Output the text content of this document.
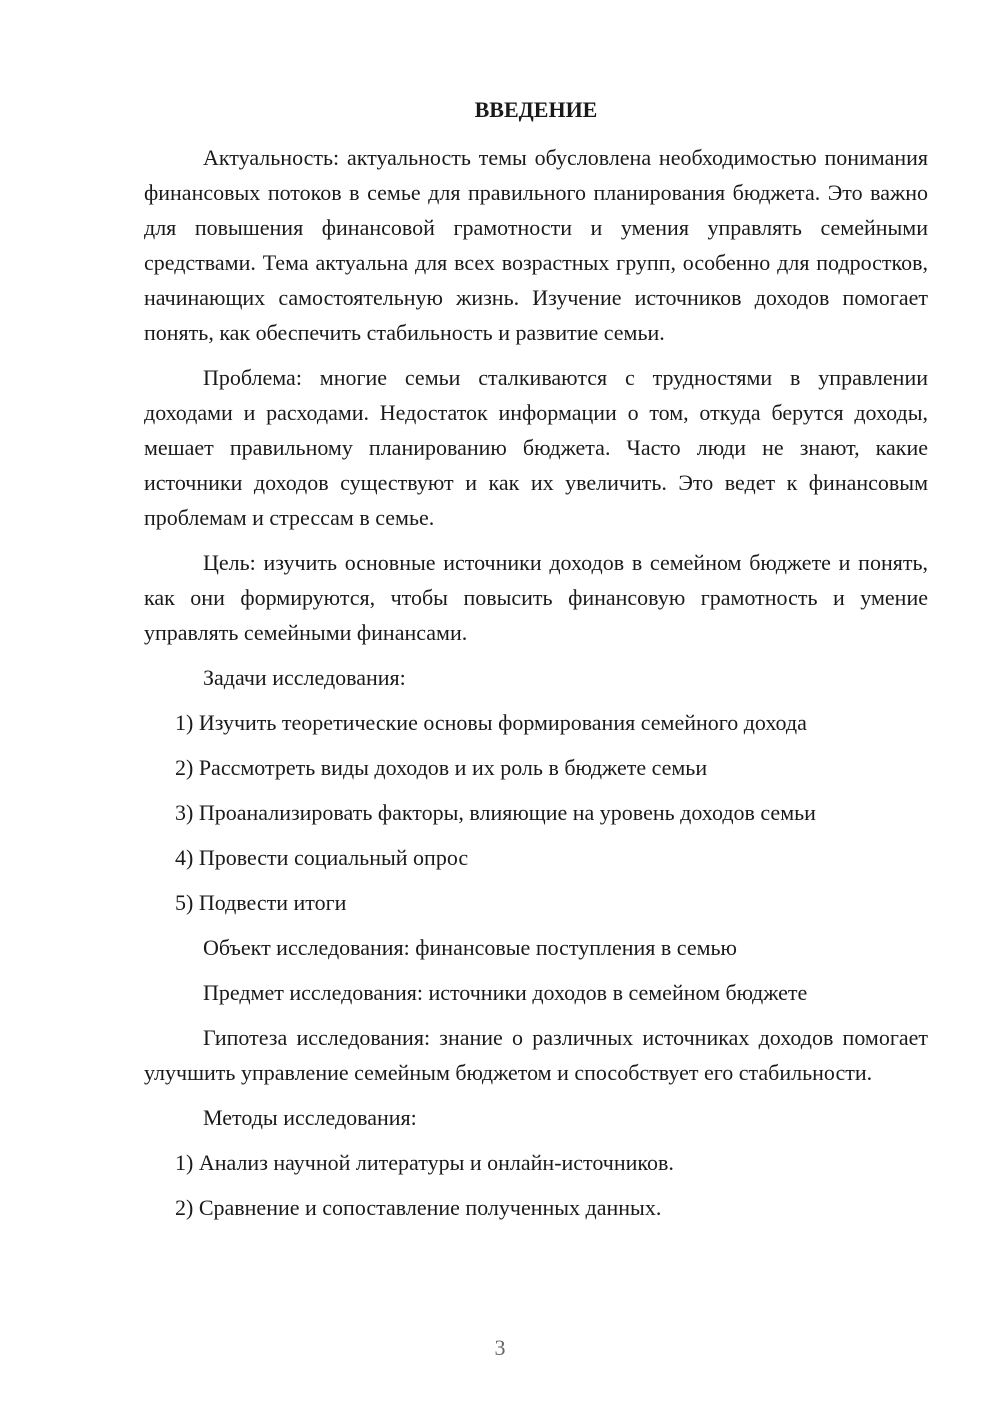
ВВЕДЕНИЕ

Актуальность: актуальность темы обусловлена необходимостью понимания финансовых потоков в семье для правильного планирования бюджета. Это важно для повышения финансовой грамотности и умения управлять семейными средствами. Тема актуальна для всех возрастных групп, особенно для подростков, начинающих самостоятельную жизнь. Изучение источников доходов помогает понять, как обеспечить стабильность и развитие семьи.

Проблема: многие семьи сталкиваются с трудностями в управлении доходами и расходами. Недостаток информации о том, откуда берутся доходы, мешает правильному планированию бюджета. Часто люди не знают, какие источники доходов существуют и как их увеличить. Это ведет к финансовым проблемам и стрессам в семье.

Цель: изучить основные источники доходов в семейном бюджете и понять, как они формируются, чтобы повысить финансовую грамотность и умение управлять семейными финансами.

Задачи исследования:

1) Изучить теоретические основы формирования семейного дохода
2) Рассмотреть виды доходов и их роль в бюджете семьи
3) Проанализировать факторы, влияющие на уровень доходов семьи
4) Провести социальный опрос
5) Подвести итоги

Объект исследования: финансовые поступления в семью

Предмет исследования: источники доходов в семейном бюджете

Гипотеза исследования: знание о различных источниках доходов помогает улучшить управление семейным бюджетом и способствует его стабильности.

Методы исследования:

1) Анализ научной литературы и онлайн-источников.
2) Сравнение и сопоставление полученных данных.
3
